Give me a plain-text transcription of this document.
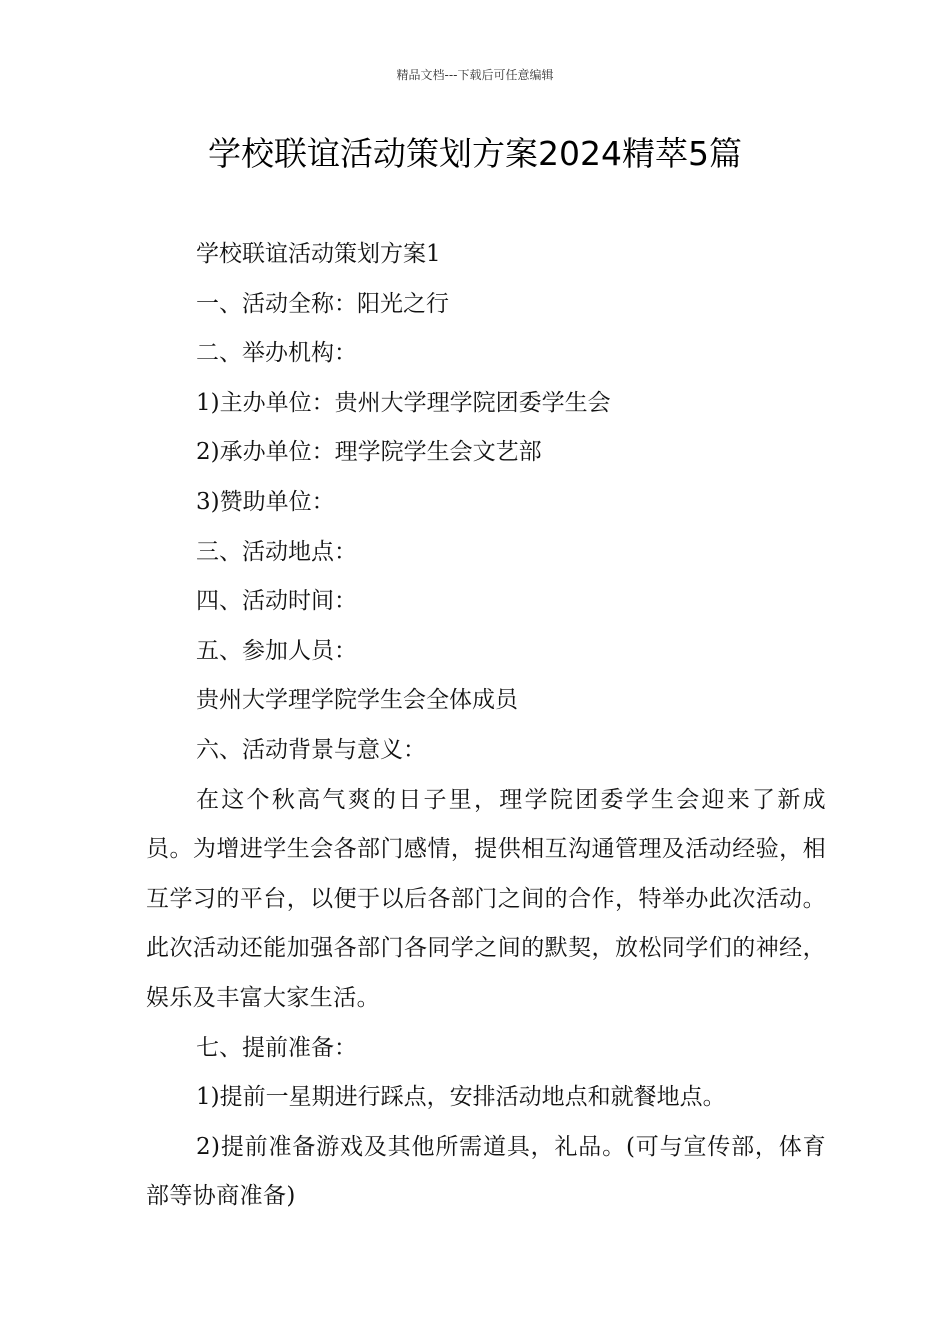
精品文档---下载后可任意编辑
学校联谊活动策划方案2024精萃5篇
学校联谊活动策划方案1
一、活动全称：阳光之行
二、举办机构：
1)主办单位：贵州大学理学院团委学生会
2)承办单位：理学院学生会文艺部
3)赞助单位：
三、活动地点：
四、活动时间：
五、参加人员：
贵州大学理学院学生会全体成员
六、活动背景与意义：
在这个秋高气爽的日子里，理学院团委学生会迎来了新成员。为增进学生会各部门感情，提供相互沟通管理及活动经验，相互学习的平台，以便于以后各部门之间的合作，特举办此次活动。此次活动还能加强各部门各同学之间的默契，放松同学们的神经，娱乐及丰富大家生活。
七、提前准备：
1)提前一星期进行踩点，安排活动地点和就餐地点。
2)提前准备游戏及其他所需道具，礼品。(可与宣传部，体育部等协商准备)
